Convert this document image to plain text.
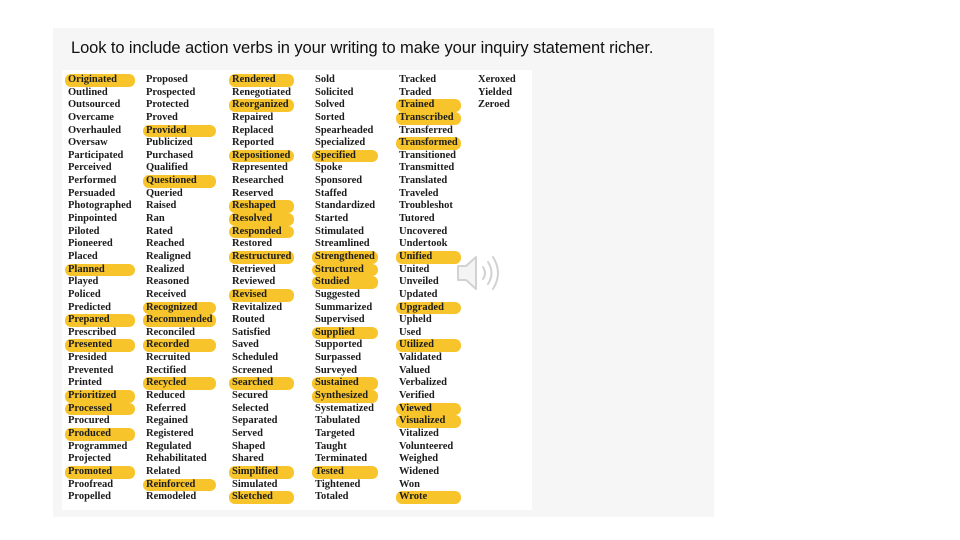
Look to include action verbs in your writing to make your inquiry statement richer.
Originated
Outlined
Outsourced
Overcame
Overhauled
Oversaw
Participated
Perceived
Performed
Persuaded
Photographed
Pinpointed
Piloted
Pioneered
Placed
Planned
Played
Policed
Predicted
Prepared
Prescribed
Presented
Presided
Prevented
Printed
Prioritized
Processed
Procured
Produced
Programmed
Projected
Promoted
Proofread
Propelled
Proposed
Prospected
Protected
Proved
Provided
Publicized
Purchased
Qualified
Questioned
Queried
Raised
Ran
Rated
Reached
Realigned
Realized
Reasoned
Received
Recognized
Recommended
Reconciled
Recorded
Recruited
Rectified
Recycled
Reduced
Referred
Regained
Registered
Regulated
Rehabilitated
Related
Reinforced
Remodeled
Rendered
Renegotiated
Reorganized
Repaired
Replaced
Reported
Repositioned
Represented
Researched
Reserved
Reshaped
Resolved
Responded
Restored
Restructured
Retrieved
Reviewed
Revised
Revitalized
Routed
Satisfied
Saved
Scheduled
Screened
Searched
Secured
Selected
Separated
Served
Shaped
Shared
Simplified
Simulated
Sketched
Sold
Solicited
Solved
Sorted
Spearheaded
Specialized
Specified
Spoke
Sponsored
Staffed
Standardized
Started
Stimulated
Streamlined
Strengthened
Structured
Studied
Suggested
Summarized
Supervised
Supplied
Supported
Surpassed
Surveyed
Sustained
Synthesized
Systematized
Tabulated
Targeted
Taught
Terminated
Tested
Tightened
Totaled
Tracked
Traded
Trained
Transcribed
Transferred
Transformed
Transitioned
Transmitted
Translated
Traveled
Troubleshot
Tutored
Uncovered
Undertook
Unified
United
Unveiled
Updated
Upgraded
Upheld
Used
Utilized
Validated
Valued
Verbalized
Verified
Viewed
Visualized
Vitalized
Volunteered
Weighed
Widened
Won
Wrote
Xeroxed
Yielded
Zeroed
